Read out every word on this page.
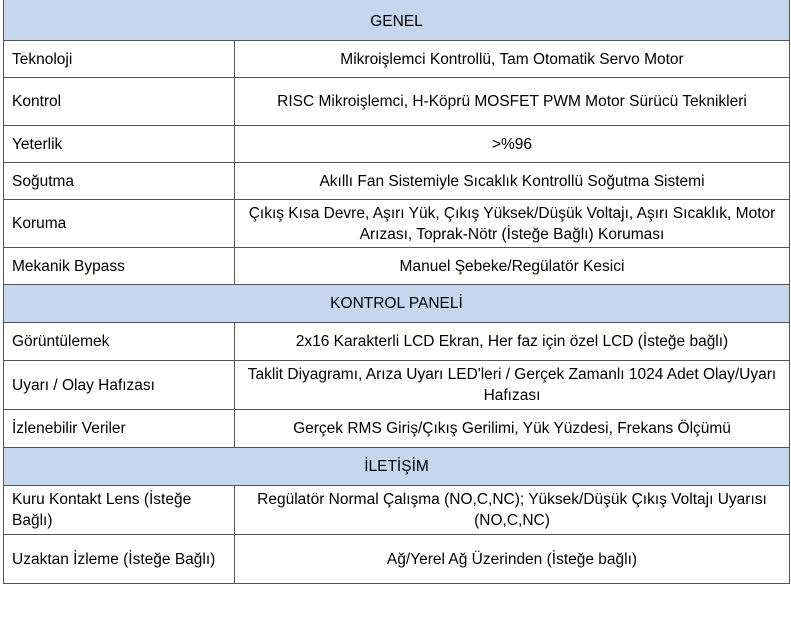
GENEL	
Teknoloji	Mikroişlemci Kontrollü, Tam Otomatik Servo Motor
Kontrol	RISC Mikroişlemci, H-Köprü MOSFET PWM Motor Sürücü Teknikleri
Yeterlik	>%96
Soğutma	Akıllı Fan Sistemiyle Sıcaklık Kontrollü Soğutma Sistemi
Koruma	Çıkış Kısa Devre, Aşırı Yük, Çıkış Yüksek/Düşük Voltajı, Aşırı Sıcaklık, Motor Arızası, Toprak-Nötr (İsteğe Bağlı) Koruması
Mekanik Bypass	Manuel Şebeke/Regülatör Kesici
KONTROL PANELİ	
Görüntülemek	2x16 Karakterli LCD Ekran, Her faz için özel LCD (İsteğe bağlı)
Uyarı / Olay Hafızası	Taklit Diyagramı, Arıza Uyarı LED'leri / Gerçek Zamanlı 1024 Adet Olay/Uyarı Hafızası
İzlenebilir Veriler	Gerçek RMS Giriş/Çıkış Gerilimi, Yük Yüzdesi, Frekans Ölçümü
İLETİŞİM	
Kuru Kontakt Lens (İsteğe Bağlı)	Regülatör Normal Çalışma (NO,C,NC); Yüksek/Düşük Çıkış Voltajı Uyarısı (NO,C,NC)
Uzaktan İzleme (İsteğe Bağlı)	Ağ/Yerel Ağ Üzerinden (İsteğe bağlı)
